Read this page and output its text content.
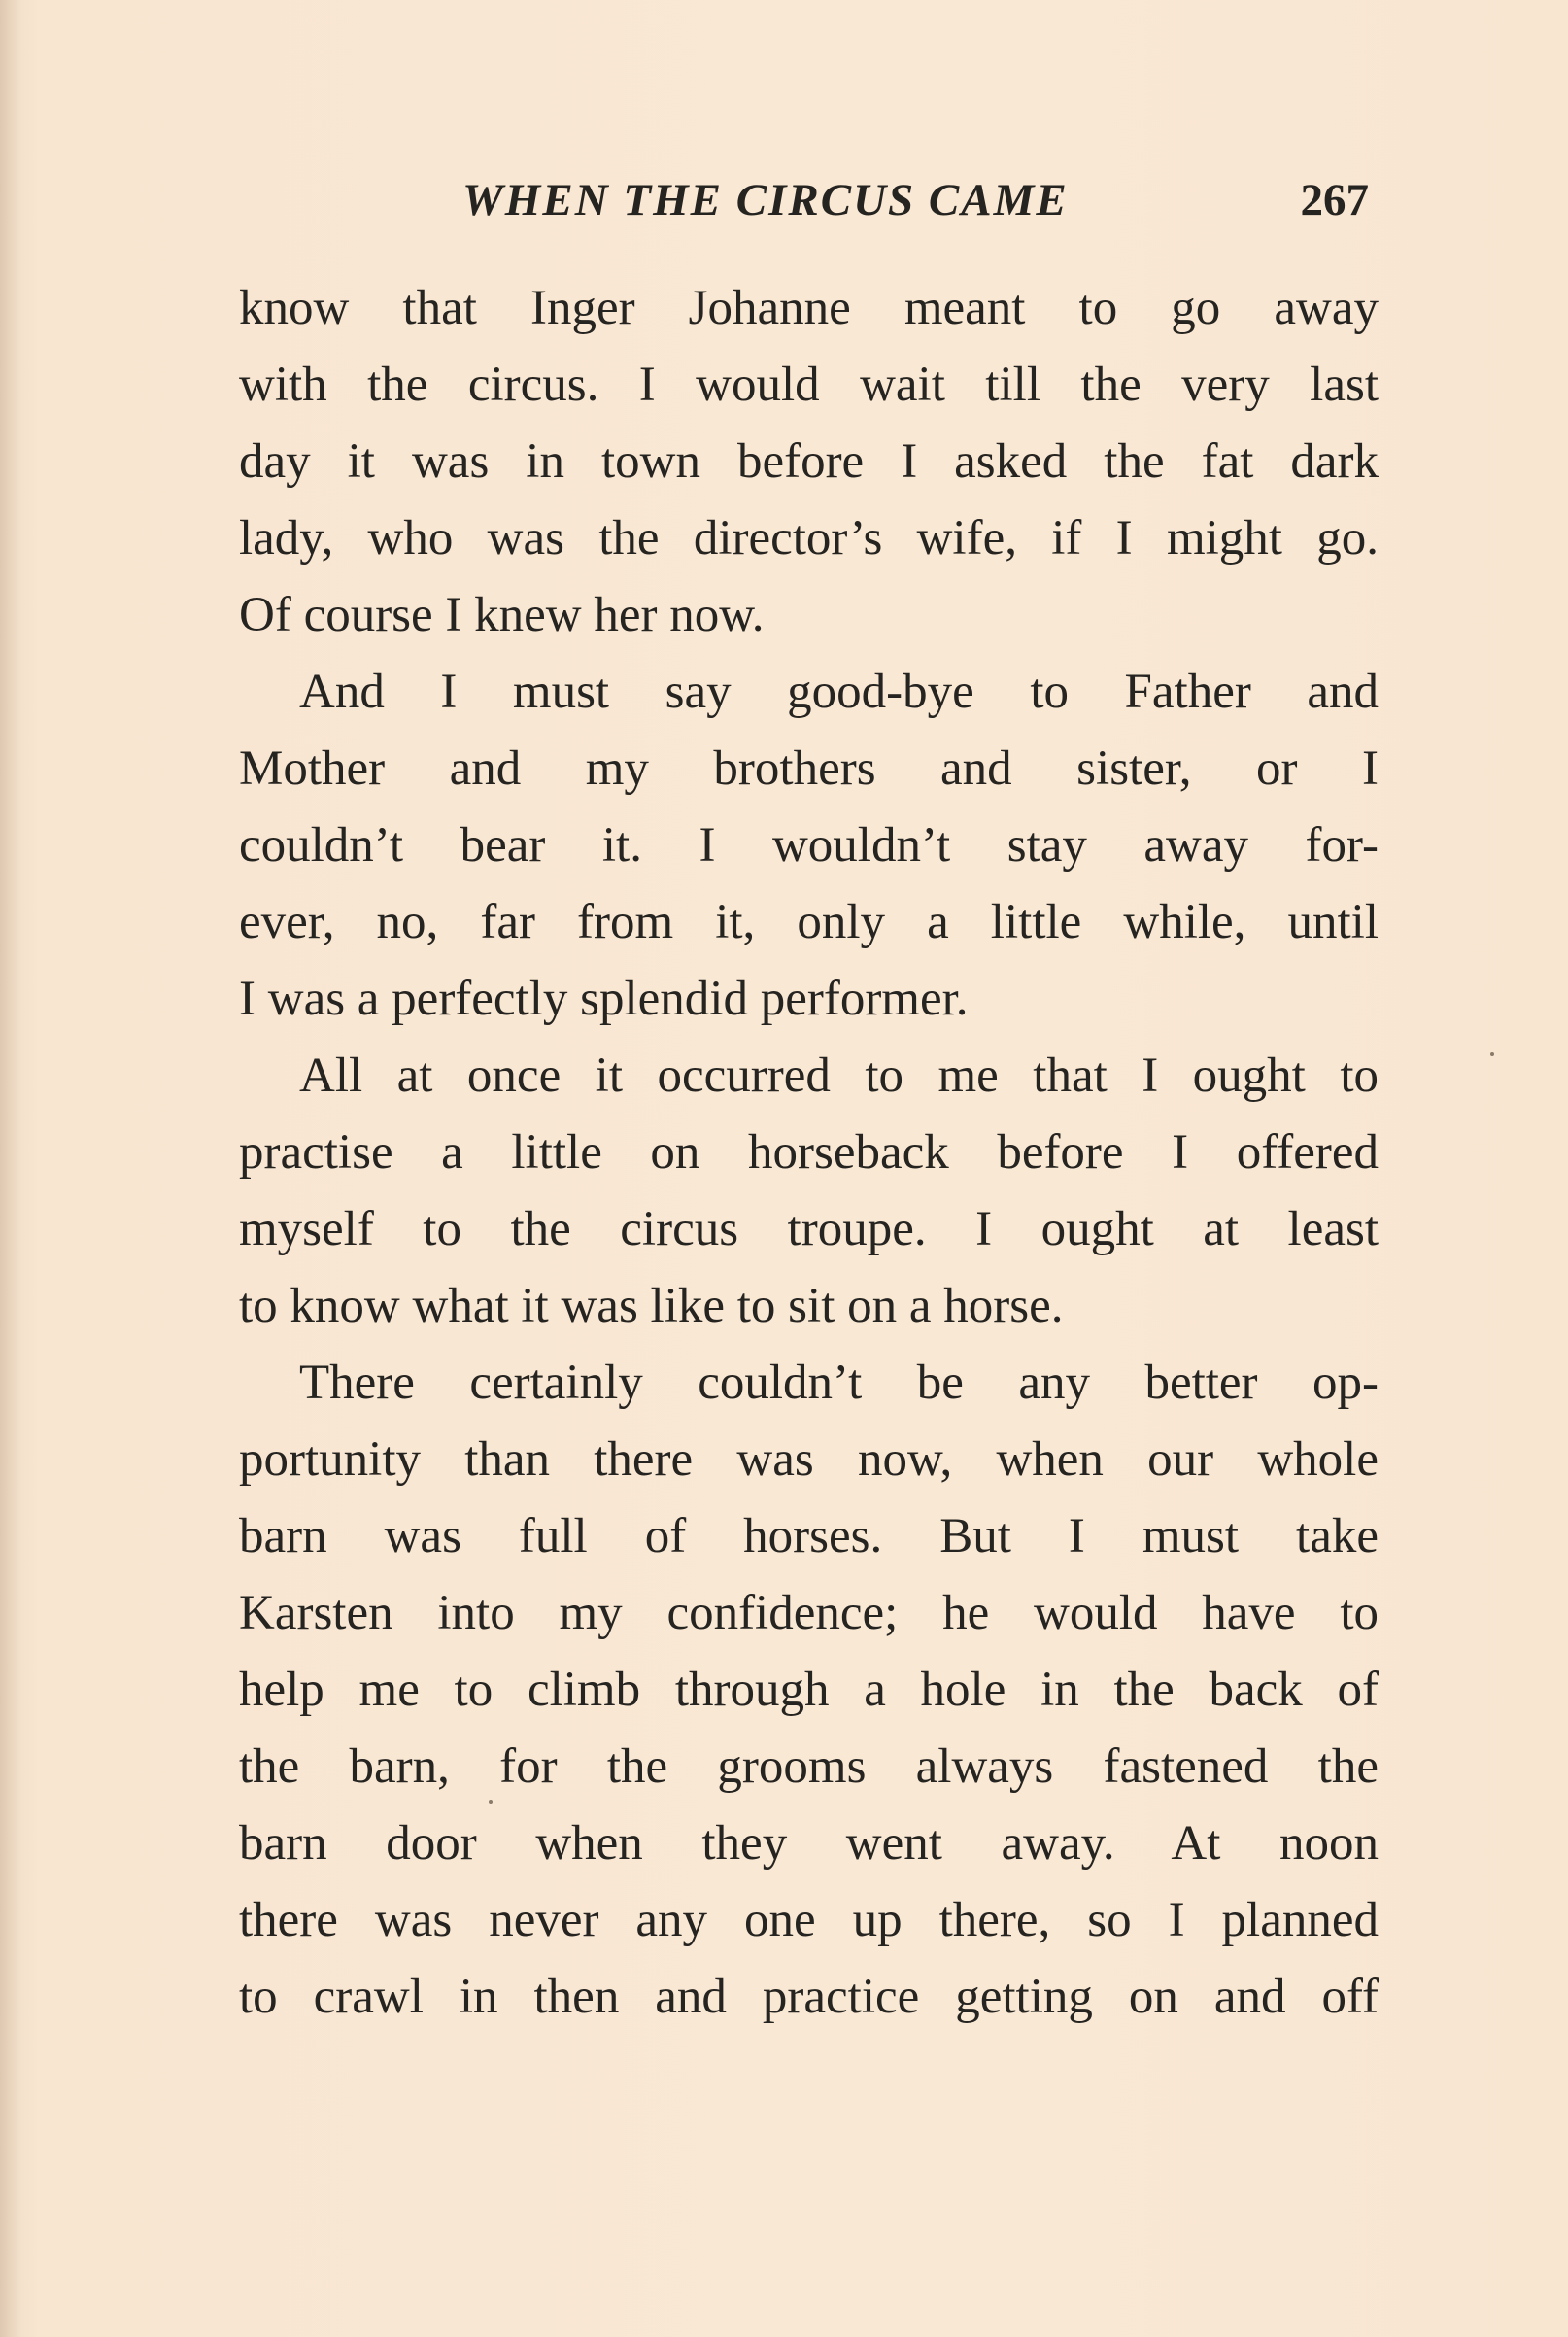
WHEN THE CIRCUS CAME	267
know that Inger Johanne meant to go away
with the circus. I would wait till the very last
day it was in town before I asked the fat dark
lady, who was the director’s wife, if I might go.
Of course I knew her now.
And I must say good-bye to Father and
Mother and my brothers and sister, or I
couldn’t bear it. I wouldn’t stay away for-
ever, no, far from it, only a little while, until
I was a perfectly splendid performer.
All at once it occurred to me that I ought to
practise a little on horseback before I offered
myself to the circus troupe. I ought at least
to know what it was like to sit on a horse.
There certainly couldn’t be any better op-
portunity than there was now, when our whole
barn was full of horses. But I must take
Karsten into my confidence; he would have to
help me to climb through a hole in the back of
the barn, for the grooms always fastened the
barn door when they went away. At noon
there was never any one up there, so I planned
to crawl in then and practice getting on and off
